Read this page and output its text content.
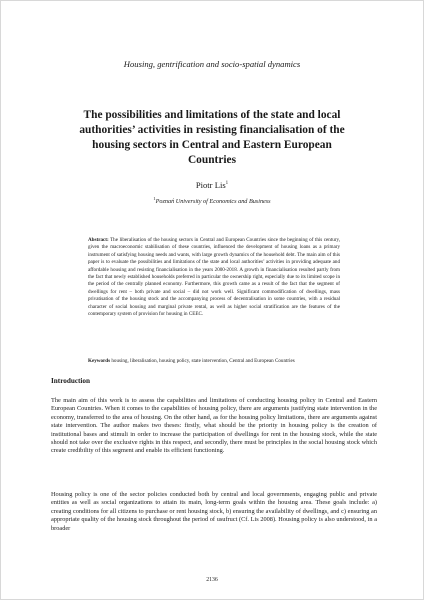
Housing, gentrification and socio-spatial dynamics
The possibilities and limitations of the state and local authorities’ activities in resisting financialisation of the housing sectors in Central and Eastern European Countries
Piotr Lis$^1$
$^1$Poznań University of Economics and Business
Abstract: The liberalisation of the housing sectors in Central and European Countries since the beginning of this century, given the macroeconomic stabilisation of these countries, influenced the development of housing loans as a primary instrument of satisfying housing needs and wants, with large growth dynamics of the household debt. The main aim of this paper is to evaluate the possibilities and limitations of the state and local authorities’ activities in providing adequate and affordable housing and resisting financialisation in the years 2000-2018. A growth in financialisation resulted partly from the fact that newly established households preferred in particular the ownership right, especially due to its limited scope in the period of the centrally planned economy. Furthermore, this growth came as a result of the fact that the segment of dwellings for rent – both private and social – did not work well. Significant commodification of dwellings, mass privatisation of the housing stock and the accompanying process of decentralisation in some countries, with a residual character of social housing and marginal private rental, as well as higher social stratification are the features of the contemporary system of provision for housing in CEEC.
Keywords housing, liberalisation, housing policy, state intervention, Central and European Countries
Introduction
The main aim of this work is to assess the capabilities and limitations of conducting housing policy in Central and Eastern European Countries. When it comes to the capabilities of housing policy, there are arguments justifying state intervention in the economy, transferred to the area of housing. On the other hand, as for the housing policy limitations, there are arguments against state intervention. The author makes two theses: firstly, what should be the priority in housing policy is the creation of institutional bases and stimuli in order to increase the participation of dwellings for rent in the housing stock, while the state should not take over the exclusive rights in this respect, and secondly, there must be principles in the social housing stock which create credibility of this segment and enable its efficient functioning.
Housing policy is one of the sector policies conducted both by central and local governments, engaging public and private entities as well as social organizations to attain its main, long-term goals within the housing area. These goals include: a) creating conditions for all citizens to purchase or rent housing stock, b) ensuring the availability of dwellings, and c) ensuring an appropriate quality of the housing stock throughout the period of usufruct (Cf. Lis 2008). Housing policy is also understood, in a broader
2136
